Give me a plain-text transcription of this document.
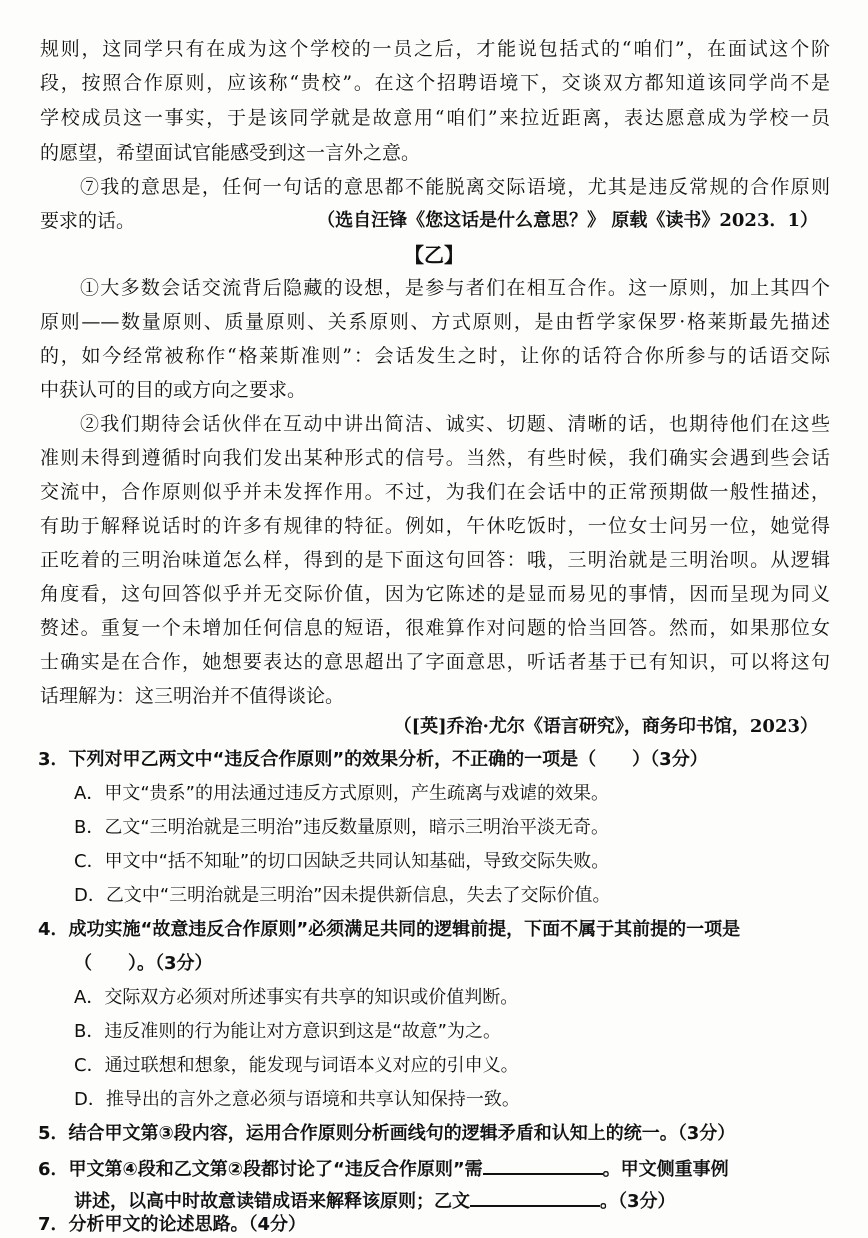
规则，这同学只有在成为这个学校的一员之后，才能说包括式的“咱们”，在面试这个阶
段，按照合作原则，应该称“贵校”。在这个招聘语境下，交谈双方都知道该同学尚不是
学校成员这一事实，于是该同学就是故意用“咱们”来拉近距离，表达愿意成为学校一员
的愿望，希望面试官能感受到这一言外之意。
⑦我的意思是，任何一句话的意思都不能脱离交际语境，尤其是违反常规的合作原则
要求的话。	（选自汪锋《您这话是什么意思？》 原载《读书》2023．1）
【乙】
①大多数会话交流背后隐藏的设想，是参与者们在相互合作。这一原则，加上其四个
原则——数量原则、质量原则、关系原则、方式原则，是由哲学家保罗·格莱斯最先描述
的，如今经常被称作“格莱斯准则”：会话发生之时，让你的话符合你所参与的话语交际
中获认可的目的或方向之要求。
②我们期待会话伙伴在互动中讲出简洁、诚实、切题、清晰的话，也期待他们在这些
准则未得到遵循时向我们发出某种形式的信号。当然，有些时候，我们确实会遇到些会话
交流中，合作原则似乎并未发挥作用。不过，为我们在会话中的正常预期做一般性描述，
有助于解释说话时的许多有规律的特征。例如，午休吃饭时，一位女士问另一位，她觉得
正吃着的三明治味道怎么样，得到的是下面这句回答：哦，三明治就是三明治呗。从逻辑
角度看，这句回答似乎并无交际价值，因为它陈述的是显而易见的事情，因而呈现为同义
赘述。重复一个未增加任何信息的短语，很难算作对问题的恰当回答。然而，如果那位女
士确实是在合作，她想要表达的意思超出了字面意思，听话者基于已有知识，可以将这句
话理解为：这三明治并不值得谈论。
（[英]乔治·尤尔《语言研究》，商务印书馆，2023）
3．下列对甲乙两文中“违反合作原则”的效果分析，不正确的一项是（　　）（3分）
A．甲文“贵系”的用法通过违反方式原则，产生疏离与戏谑的效果。
B．乙文“三明治就是三明治”违反数量原则，暗示三明治平淡无奇。
C．甲文中“括不知耻”的切口因缺乏共同认知基础，导致交际失败。
D．乙文中“三明治就是三明治”因未提供新信息，失去了交际价值。
4．成功实施“故意违反合作原则”必须满足共同的逻辑前提，下面不属于其前提的一项是
（　　）。（3分）
A．交际双方必须对所述事实有共享的知识或价值判断。
B．违反准则的行为能让对方意识到这是“故意”为之。
C．通过联想和想象，能发现与词语本义对应的引申义。
D．推导出的言外之意必须与语境和共享认知保持一致。
5．结合甲文第③段内容，运用合作原则分析画线句的逻辑矛盾和认知上的统一。（3分）
6．甲文第④段和乙文第②段都讨论了“违反合作原则”需	。甲文侧重事例
讲述，以高中时故意读错成语来解释该原则；乙文	。（3分）
7．分析甲文的论述思路。（4分）
